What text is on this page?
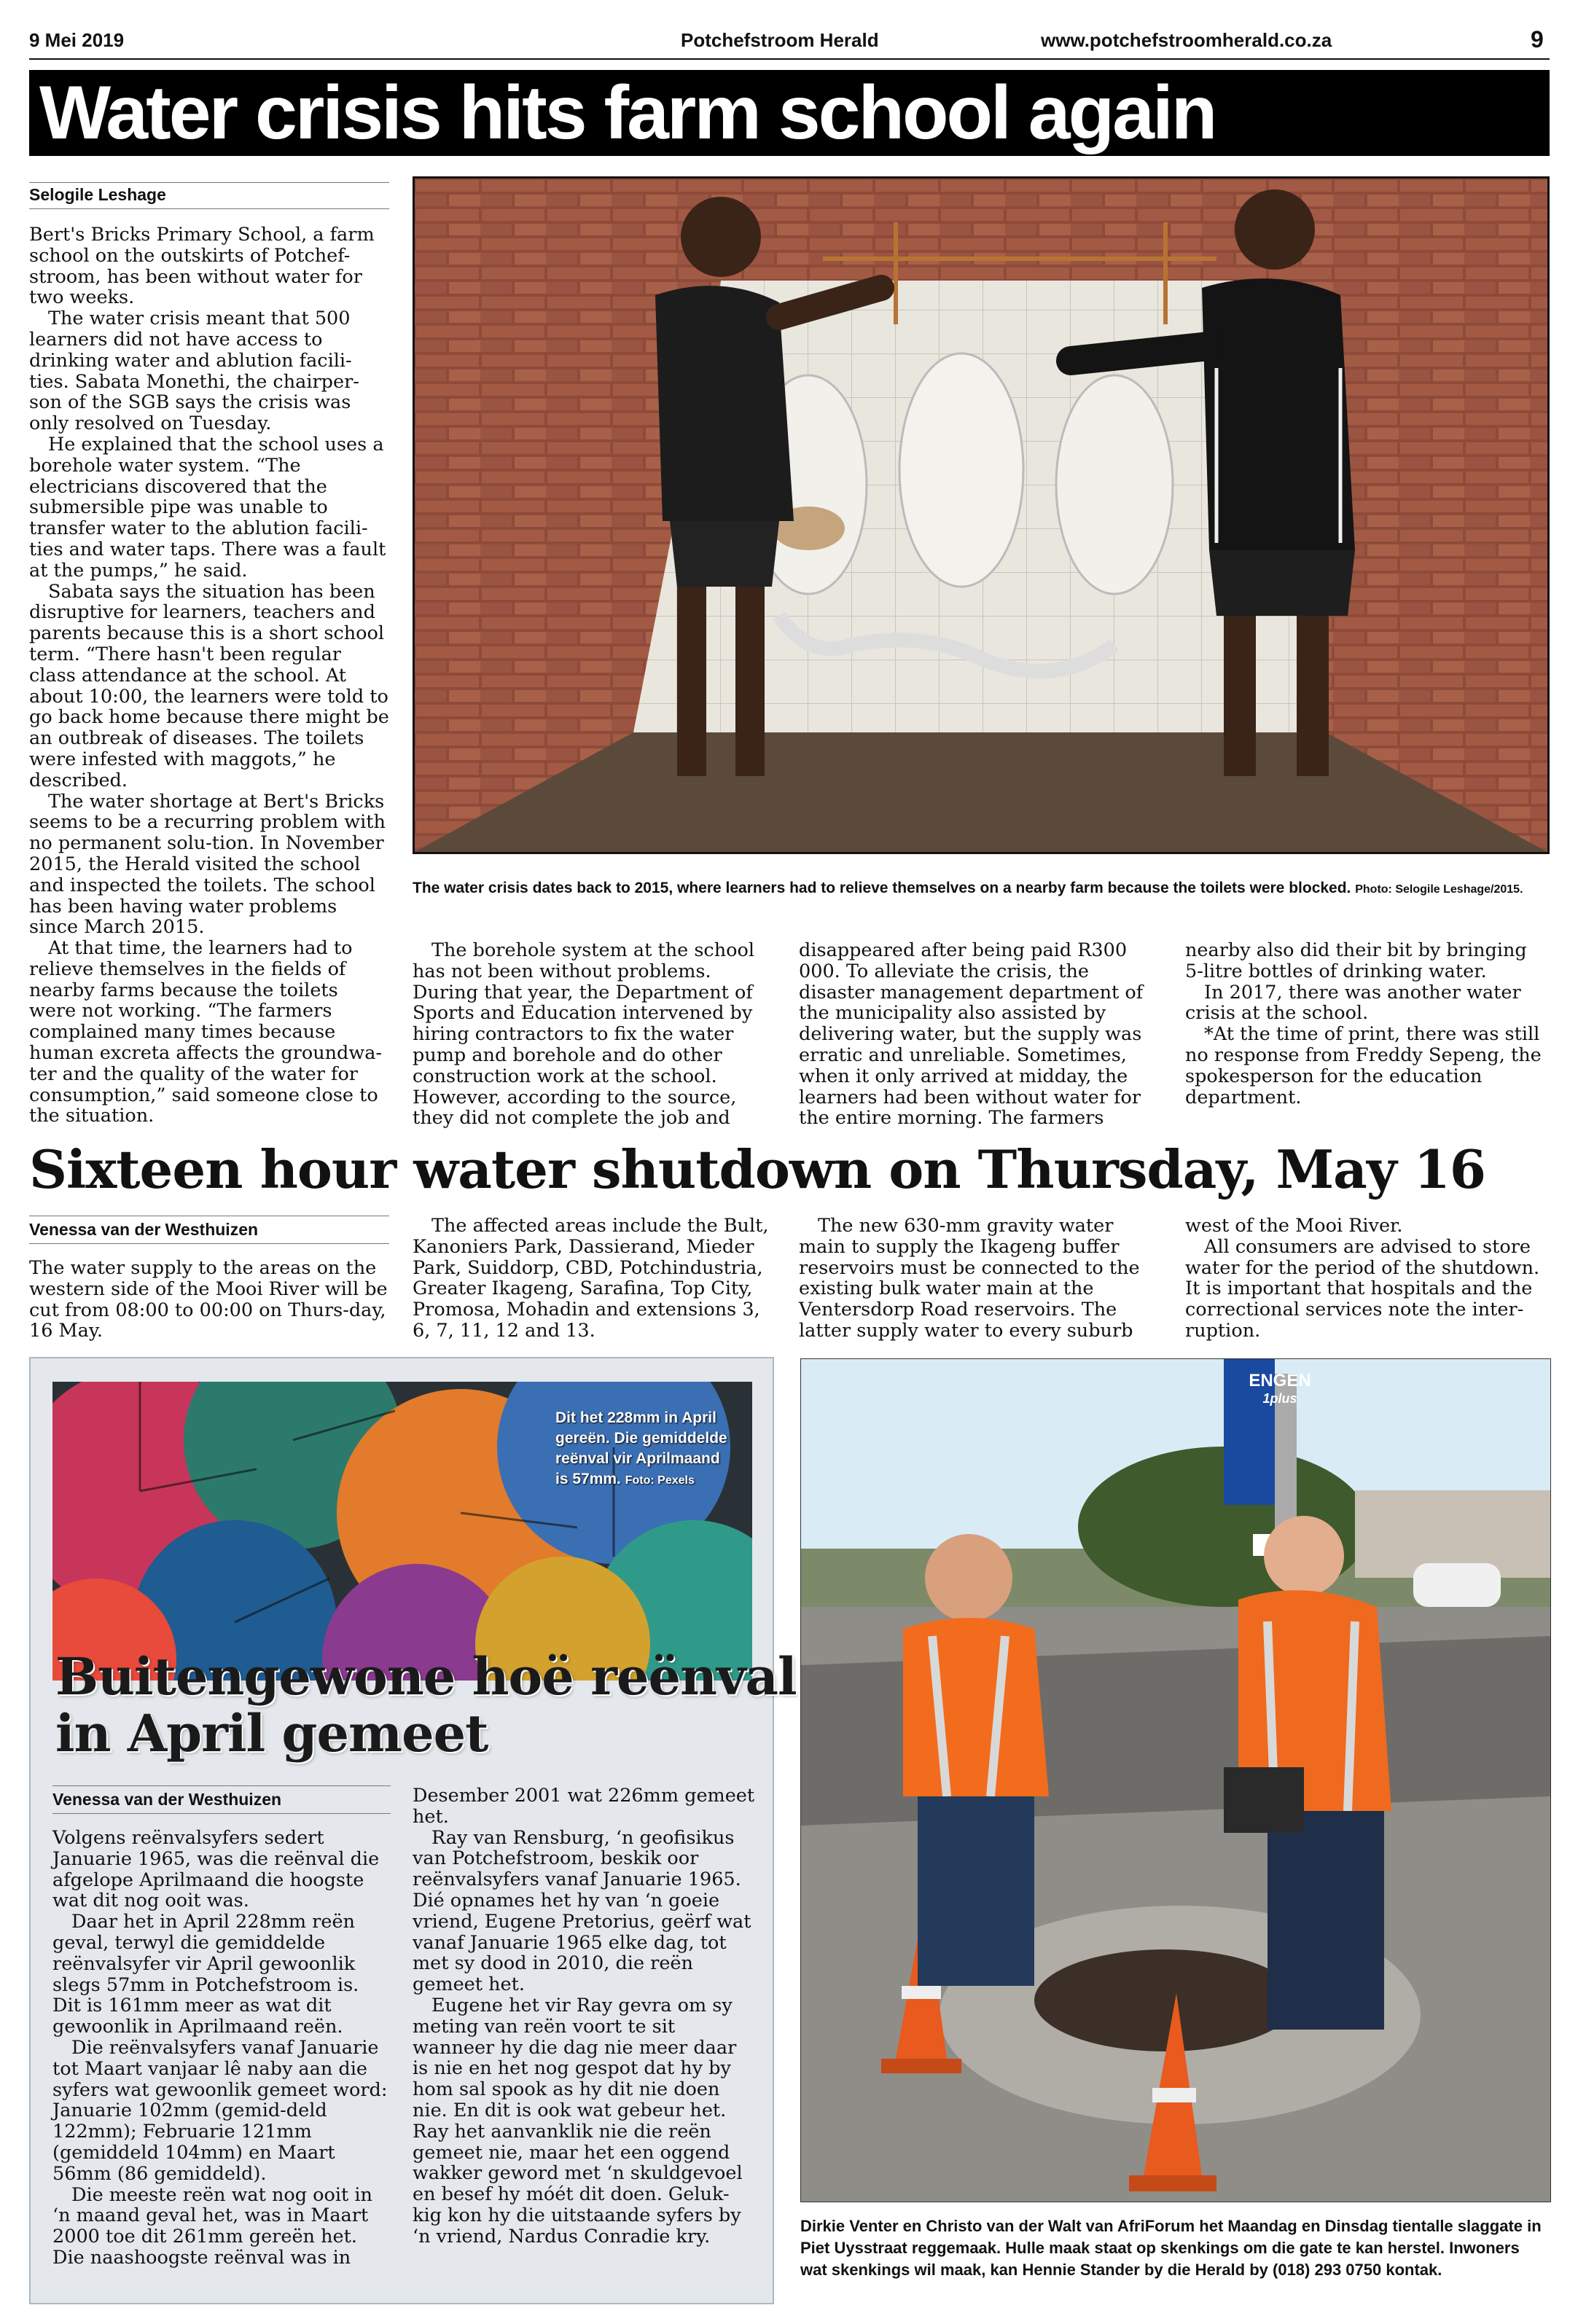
9 Mei 2019	Potchefstroom Herald	www.potchefstroomherald.co.za	9
Water crisis hits farm school again
Selogile Leshage

Bert's Bricks Primary School, a farm school on the outskirts of Potchef-stroom, has been without water for two weeks.

The water crisis meant that 500 learners did not have access to drinking water and ablution facili-ties. Sabata Monethi, the chairper-son of the SGB says the crisis was only resolved on Tuesday.

He explained that the school uses a borehole water system. “The electricians discovered that the submersible pipe was unable to transfer water to the ablution facili-ties and water taps. There was a fault at the pumps,” he said.

Sabata says the situation has been disruptive for learners, teachers and parents because this is a short school term. “There hasn't been regular class attendance at the school. At about 10:00, the learners were told to go back home because there might be an outbreak of diseases. The toilets were infested with maggots,” he described.

The water shortage at Bert's Bricks seems to be a recurring problem with no permanent solu-tion. In November 2015, the Herald visited the school and inspected the toilets. The school has been having water problems since March 2015.

At that time, the learners had to relieve themselves in the fields of nearby farms because the toilets were not working. “The farmers complained many times because human excreta affects the groundwa-ter and the quality of the water for consumption,” said someone close to the situation.

The water crisis dates back to 2015, where learners had to relieve themselves on a nearby farm because the toilets were blocked. Photo: Selogile Leshage/2015.

The borehole system at the school has not been without problems. During that year, the Department of Sports and Education intervened by hiring contractors to fix the water pump and borehole and do other construction work at the school. However, according to the source, they did not complete the job and

disappeared after being paid R300 000. To alleviate the crisis, the disaster management department of the municipality also assisted by delivering water, but the supply was erratic and unreliable. Sometimes, when it only arrived at midday, the learners had been without water for the entire morning. The farmers

nearby also did their bit by bringing 5-litre bottles of drinking water.

In 2017, there was another water crisis at the school.

*At the time of print, there was still no response from Freddy Sepeng, the spokesperson for the education department.

Sixteen hour water shutdown on Thursday, May 16
Venessa van der Westhuizen

The water supply to the areas on the western side of the Mooi River will be cut from 08:00 to 00:00 on Thurs-day, 16 May.

The affected areas include the Bult, Kanoniers Park, Dassierand, Mieder Park, Suiddorp, CBD, Potchindustria, Greater Ikageng, Sarafina, Top City, Promosa, Mohadin and extensions 3, 6, 7, 11, 12 and 13.

The new 630-mm gravity water main to supply the Ikageng buffer reservoirs must be connected to the existing bulk water main at the Ventersdorp Road reservoirs. The latter supply water to every suburb

west of the Mooi River.

All consumers are advised to store water for the period of the shutdown. It is important that hospitals and the correctional services note the inter-ruption.

Dit het 228mm in April gereën. Die gemiddelde reënval vir Aprilmaand is 57mm. Foto: Pexels
Buitengewone hoë reënval
in April gemeet
Venessa van der Westhuizen

Volgens reënvalsyfers sedert Januarie 1965, was die reënval die afgelope Aprilmaand die hoogste wat dit nog ooit was.

Daar het in April 228mm reën geval, terwyl die gemiddelde reënvalsyfer vir April gewoonlik slegs 57mm in Potchefstroom is. Dit is 161mm meer as wat dit gewoonlik in Aprilmaand reën.

Die reënvalsyfers vanaf Januarie tot Maart vanjaar lê naby aan die syfers wat gewoonlik gemeet word: Januarie 102mm (gemid-deld 122mm); Februarie 121mm (gemiddeld 104mm) en Maart 56mm (86 gemiddeld).

Die meeste reën wat nog ooit in ‘n maand geval het, was in Maart 2000 toe dit 261mm gereën het. Die naashoogste reënval was in

Desember 2001 wat 226mm gemeet het.

Ray van Rensburg, ‘n geofisikus van Potchefstroom, beskik oor reënvalsyfers vanaf Januarie 1965. Dié opnames het hy van ‘n goeie vriend, Eugene Pretorius, geërf wat vanaf Januarie 1965 elke dag, tot met sy dood in 2010, die reën gemeet het.

Eugene het vir Ray gevra om sy meting van reën voort te sit wanneer hy die dag nie meer daar is nie en het nog gespot dat hy by hom sal spook as hy dit nie doen nie. En dit is ook wat gebeur het. Ray het aanvanklik nie die reën gemeet nie, maar het een oggend wakker geword met ‘n skuldgevoel en besef hy móét dit doen. Geluk-kig kon hy die uitstaande syfers by ‘n vriend, Nardus Conradie kry.

ENGEN
1plus
Dirkie Venter en Christo van der Walt van AfriForum het Maandag en Dinsdag tientalle slaggate in Piet Uysstraat reggemaak. Hulle maak staat op skenkings om die gate te kan herstel. Inwoners wat skenkings wil maak, kan Hennie Stander by die Herald by (018) 293 0750 kontak.
